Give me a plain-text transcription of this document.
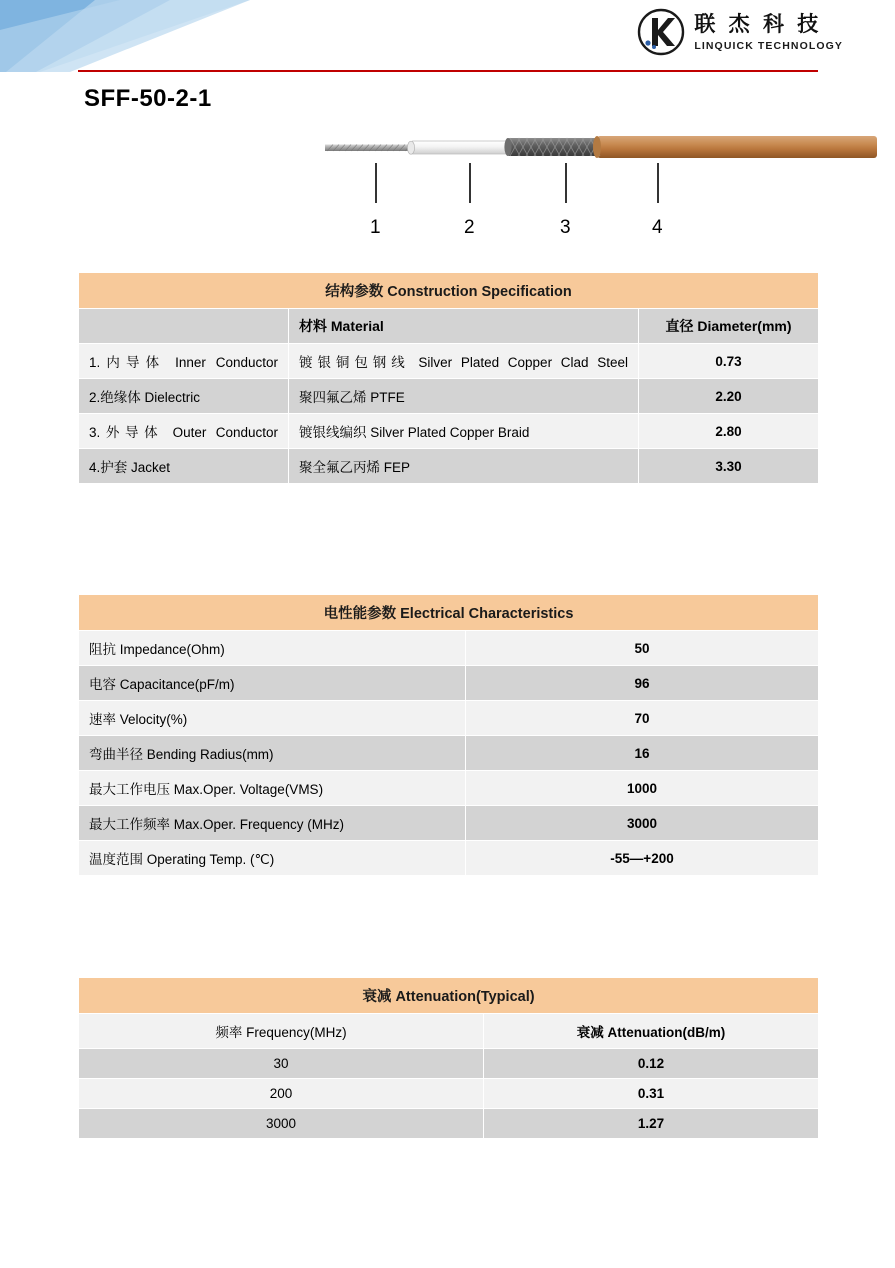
联 杰 科 技
LINQUICK TECHNOLOGY
SFF-50-2-1
1	2	3	4
结构参数 Construction Specification		
	材料 Material	直径 Diameter(mm)
1.内导体 Inner Conductor	镀银铜包钢线 Silver Plated Copper Clad Steel	0.73
2.绝缘体 Dielectric	聚四氟乙烯 PTFE	2.20
3.外导体 Outer Conductor	镀银线编织 Silver Plated Copper Braid	2.80
4.护套 Jacket	聚全氟乙丙烯 FEP	3.30
电性能参数 Electrical Characteristics	
阻抗 Impedance(Ohm)	50
电容 Capacitance(pF/m)	96
速率 Velocity(%)	70
弯曲半径 Bending Radius(mm)	16
最大工作电压 Max.Oper. Voltage(VMS)	1000
最大工作频率 Max.Oper. Frequency (MHz)	3000
温度范围 Operating Temp. (℃)	-55—+200
衰减 Attenuation(Typical)	
频率 Frequency(MHz)	衰减 Attenuation(dB/m)
30	0.12
200	0.31
3000	1.27
